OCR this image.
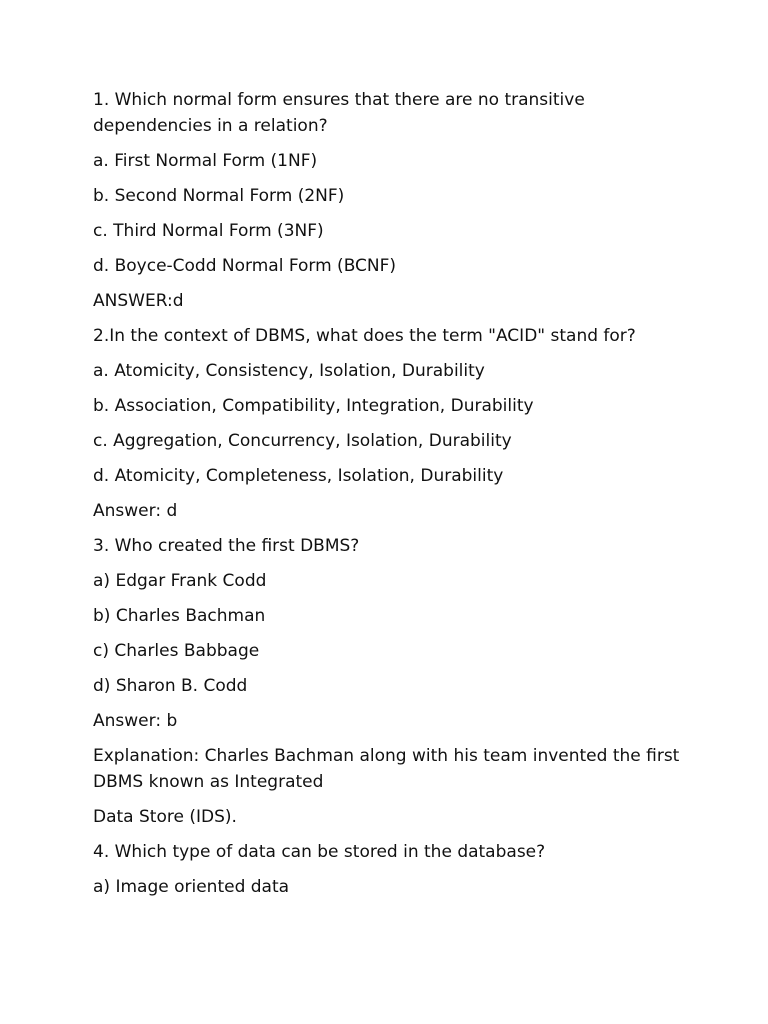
1. Which normal form ensures that there are no transitive dependencies in a relation?

a. First Normal Form (1NF)

b. Second Normal Form (2NF)

c. Third Normal Form (3NF)

d. Boyce-Codd Normal Form (BCNF)

ANSWER:d

2.In the context of DBMS, what does the term "ACID" stand for?

a. Atomicity, Consistency, Isolation, Durability

b. Association, Compatibility, Integration, Durability

c. Aggregation, Concurrency, Isolation, Durability

d. Atomicity, Completeness, Isolation, Durability

Answer: d

3. Who created the first DBMS?

a) Edgar Frank Codd

b) Charles Bachman

c) Charles Babbage

d) Sharon B. Codd

Answer: b

Explanation: Charles Bachman along with his team invented the first DBMS known as Integrated

Data Store (IDS).

4. Which type of data can be stored in the database?

a) Image oriented data
